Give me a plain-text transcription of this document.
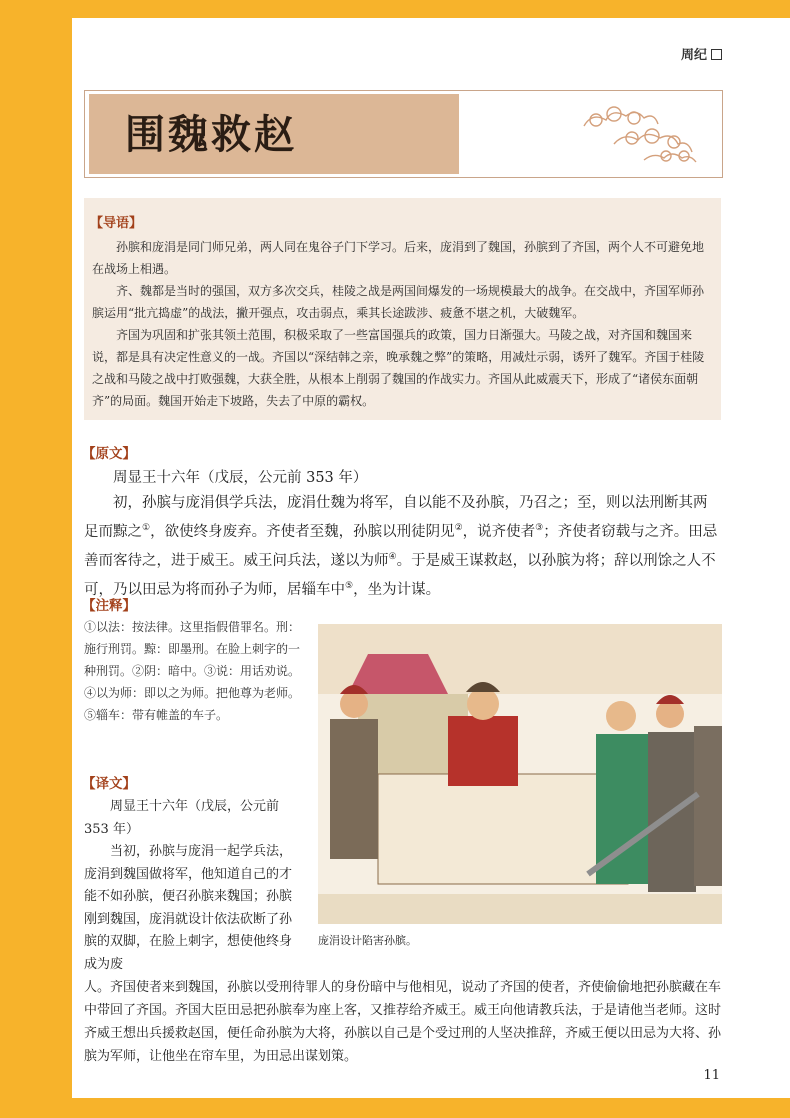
周纪
围魏救赵
【导语】

孙膑和庞涓是同门师兄弟，两人同在鬼谷子门下学习。后来，庞涓到了魏国，孙膑到了齐国，两个人不可避免地在战场上相遇。

齐、魏都是当时的强国，双方多次交兵，桂陵之战是两国间爆发的一场规模最大的战争。在交战中，齐国军师孙膑运用“批亢捣虚”的战法，撇开强点，攻击弱点，乘其长途跋涉、疲惫不堪之机，大破魏军。

齐国为巩固和扩张其领土范围，积极采取了一些富国强兵的政策，国力日渐强大。马陵之战，对齐国和魏国来说，都是具有决定性意义的一战。齐国以“深结韩之亲，晚承魏之弊”的策略，用减灶示弱，诱歼了魏军。齐国于桂陵之战和马陵之战中打败强魏，大获全胜，从根本上削弱了魏国的作战实力。齐国从此威震天下，形成了“诸侯东面朝齐”的局面。魏国开始走下坡路，失去了中原的霸权。

【原文】

周显王十六年（戊辰，公元前 353 年）

初，孙膑与庞涓俱学兵法，庞涓仕魏为将军，自以能不及孙膑，乃召之；至，则以法刑断其两足而黥之①，欲使终身废弃。齐使者至魏，孙膑以刑徒阴见②，说齐使者③；齐使者窃载与之齐。田忌善而客待之，进于威王。威王问兵法，遂以为师④。于是威王谋救赵，以孙膑为将；辞以刑馀之人不可，乃以田忌为将而孙子为师，居辎车中⑤，坐为计谋。

【注释】
①以法：按法律。这里指假借罪名。刑：施行刑罚。黥：即墨刑。在脸上刺字的一种刑罚。②阴：暗中。③说：用话劝说。④以为师：即以之为师。把他尊为老师。⑤辎车：带有帷盖的车子。
【译文】

周显王十六年（戊辰，公元前 353 年）

当初，孙膑与庞涓一起学兵法，庞涓到魏国做将军，他知道自己的才能不如孙膑，便召孙膑来魏国；孙膑刚到魏国，庞涓就设计依法砍断了孙膑的双脚，在脸上刺字，想使他终身成为废

庞涓设计陷害孙膑。
人。齐国使者来到魏国，孙膑以受刑待罪人的身份暗中与他相见，说动了齐国的使者，齐使偷偷地把孙膑藏在车中带回了齐国。齐国大臣田忌把孙膑奉为座上客，又推荐给齐威王。威王向他请教兵法，于是请他当老师。这时齐威王想出兵援救赵国，便任命孙膑为大将，孙膑以自己是个受过刑的人坚决推辞，齐威王便以田忌为大将、孙膑为军师，让他坐在帘车里，为田忌出谋划策。
11
